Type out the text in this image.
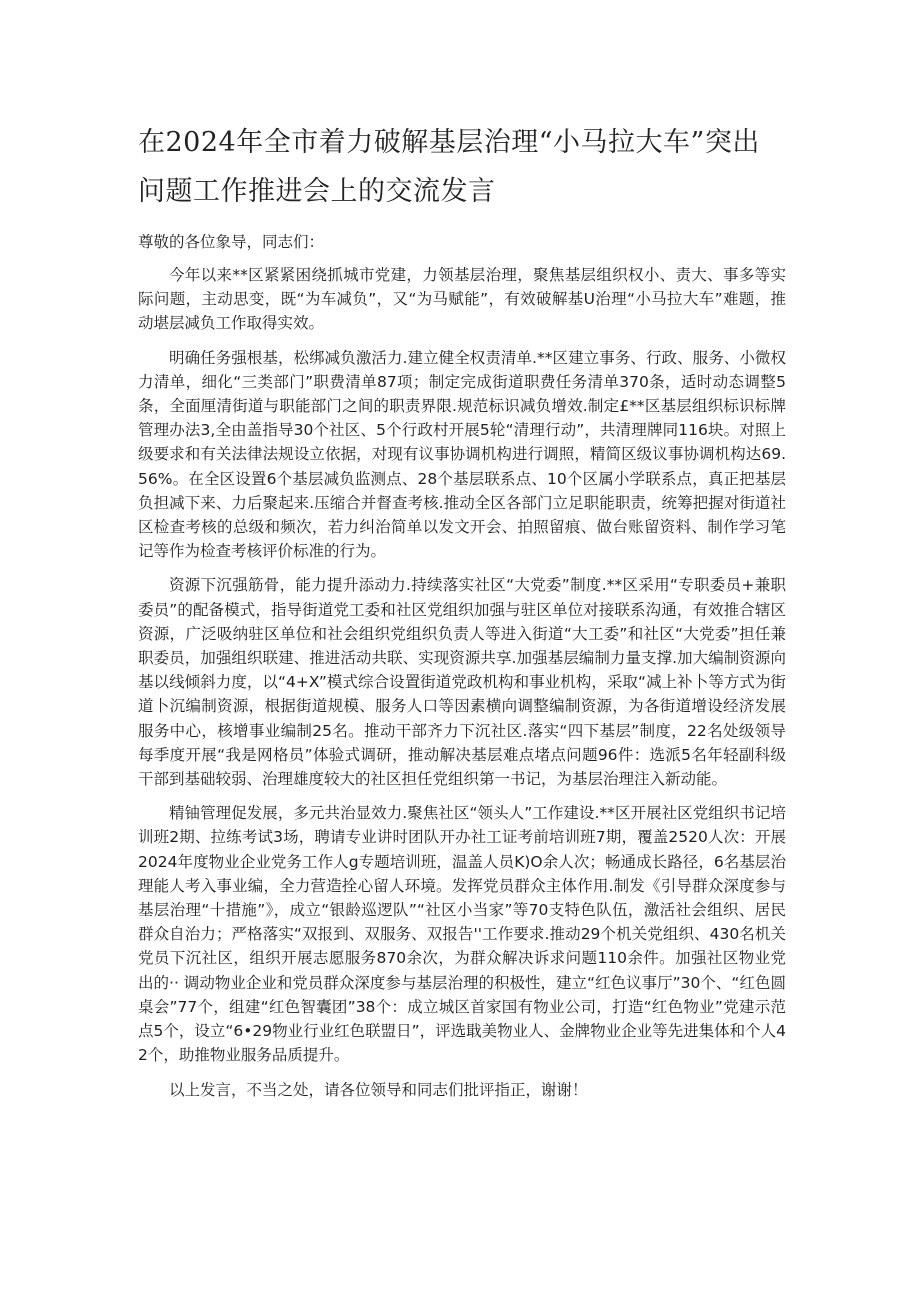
在2024年全市着力破解基层治理“小马拉大车”突出问题工作推进会上的交流发言

尊敬的各位象导，同志们：

今年以来**区紧紧困绕抓城市党建，力领基层治理，聚焦基层组织权小、责大、事多等实际问题，主动思变，既“为车减负”，又“为马赋能”，有效破解基U治理“小马拉大车”难题，推动堪层减负工作取得实效。

明确任务强根基，松绑减负激活力.建立健全权责清单.**区建立事务、行政、服务、小微权力清单，细化“三类部门”职费清单87项；制定完成街道职费任务清单370条，适时动态调整5条，全面厘清街道与职能部门之间的职责界限.规范标识减负增效.制定£**区基层组织标识标牌管理办法3,全由盖指导30个社区、5个行政村开展5轮“清理行动”，共清理牌同116块。对照上级要求和有关法律法规设立依据，对现有议事协调机构进行调照，精简区级议事协调机构达69.56%。在全区设置6个基层减负监测点、28个基层联系点、10个区属小学联系点，真正把基层负担减下来、力后聚起来.压缩合并督查考核.推动全区各部门立足职能职责，统筹把握对街道社区检查考核的总级和频次，若力纠治简单以发文开会、拍照留痕、做台账留资料、制作学习笔记等作为检查考核评价标准的行为。

资源下沉强筋骨，能力提升添动力.持续落实社区“大党委”制度.**区采用“专职委员+兼职委员”的配备模式，指导街道党工委和社区党组织加强与驻区单位对接联系沟通，有效推合辖区资源，广泛吸纳驻区单位和社会组织党组织负责人等进入街道“大工委”和社区“大党委”担任兼职委员，加强组织联建、推进活动共联、实现资源共享.加强基层编制力量支撑.加大编制资源向基以线倾斜力度，以“4+X”模式综合设置街道党政机构和事业机构，采取“减上补卜等方式为街道卜沉编制资源，根据街道规模、服务人口等因素横向调整编制资源，为各街道增设经济发展服务中心，核增事业编制25名。推动干部齐力下沉社区.落实“四下基层”制度，22名处级领导每季度开展“我是网格员”体验式调研，推动解决基层难点堵点问题96件：选派5名年轻副科级干部到基础较弱、治理雄度较大的社区担任党组织第一书记，为基层治理注入新动能。

精铀管理促发展，多元共治显效力.聚焦社区“领头人”工作建设.**区开展社区党组织书记培训班2期、拉练考试3场，聘请专业讲时团队开办社工证考前培训班7期，覆盖2520人次：开展2024年度物业企业党务工作人g专题培训班，温盖人员K)O余人次；畅通成长路径，6名基层治理能人考入事业编，全力营造拴心留人环境。发挥党员群众主体作用.制发《引导群众深度参与基层治理“十措施”》，成立“银龄巡逻队”“社区小当家”等70支特色队伍，激活社会组织、居民群众自治力；严格落实“双报到、双服务、双报告''工作要求.推动29个机关党组织、430名机关党员下沉社区，组织开展志愿服务870余次，为群众解决诉求问题110余件。加强社区物业党出的·· 调动物业企业和党员群众深度参与基层治理的积极性，建立“红色议事厅”30个、“红色圆桌会”77个，组建“红色智囊团”38个：成立城区首家国有物业公司，打造“红色物业”党建示范点5个，设立“6•29物业行业红色联盟日”，评选戢美物业人、金牌物业企业等先进集体和个人42个，助推物业服务品质提升。

以上发言，不当之处，请各位领导和同志们批评指正，谢谢！
